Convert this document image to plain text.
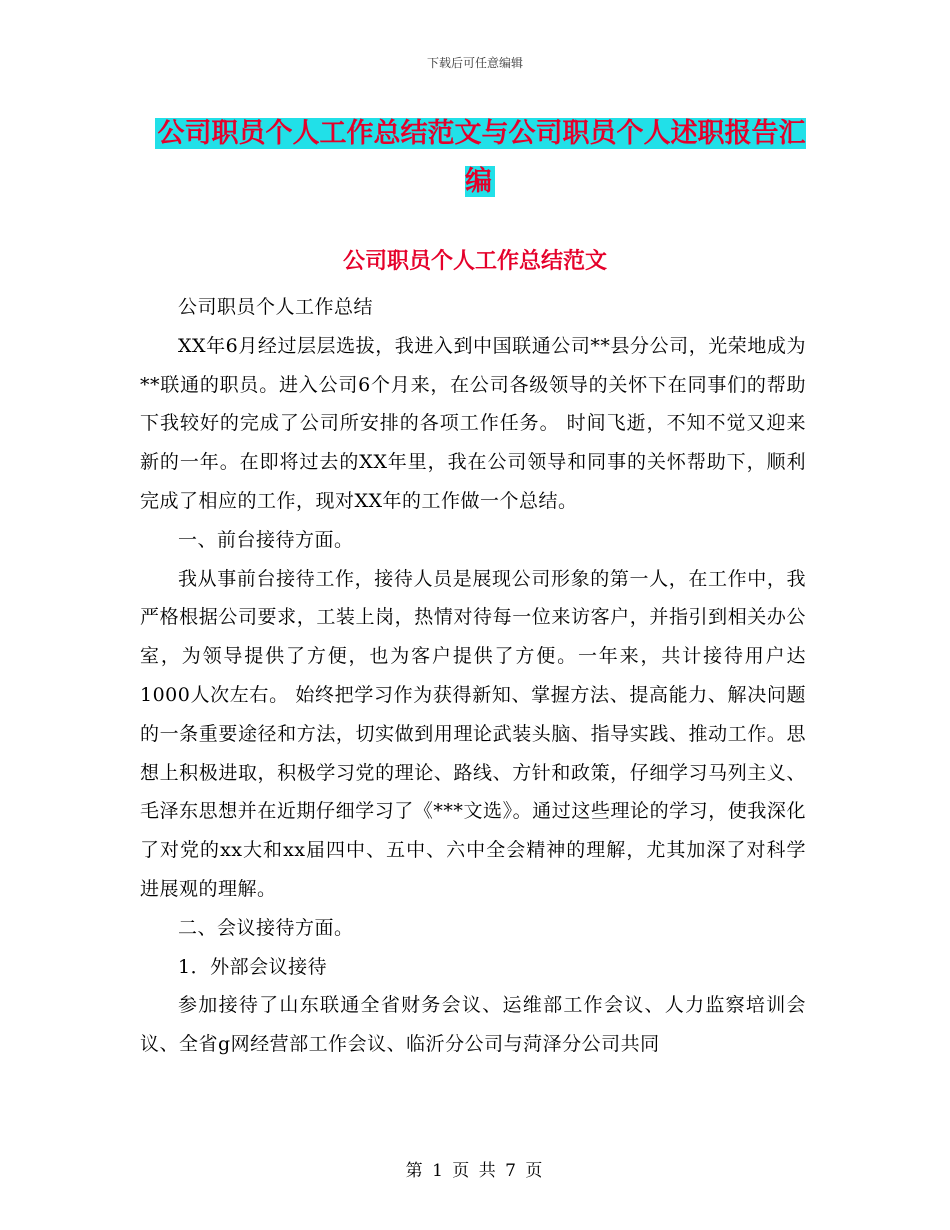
下载后可任意编辑
公司职员个人工作总结范文与公司职员个人述职报告汇编
公司职员个人工作总结范文

公司职员个人工作总结

XX年6月经过层层选拔，我进入到中国联通公司**县分公司，光荣地成为**联通的职员。进入公司6个月来，在公司各级领导的关怀下在同事们的帮助下我较好的完成了公司所安排的各项工作任务。 时间飞逝，不知不觉又迎来新的一年。在即将过去的XX年里，我在公司领导和同事的关怀帮助下，顺利完成了相应的工作，现对XX年的工作做一个总结。

一、前台接待方面。

我从事前台接待工作，接待人员是展现公司形象的第一人，在工作中，我严格根据公司要求，工装上岗，热情对待每一位来访客户，并指引到相关办公室，为领导提供了方便，也为客户提供了方便。一年来，共计接待用户达1000人次左右。 始终把学习作为获得新知、掌握方法、提高能力、解决问题的一条重要途径和方法，切实做到用理论武装头脑、指导实践、推动工作。思想上积极进取，积极学习党的理论、路线、方针和政策，仔细学习马列主义、毛泽东思想并在近期仔细学习了《***文选》。通过这些理论的学习，使我深化了对党的xx大和xx届四中、五中、六中全会精神的理解，尤其加深了对科学进展观的理解。

二、会议接待方面。

1．外部会议接待

参加接待了山东联通全省财务会议、运维部工作会议、人力监察培训会议、全省g网经营部工作会议、临沂分公司与菏泽分公司共同

第 1 页 共 7 页
